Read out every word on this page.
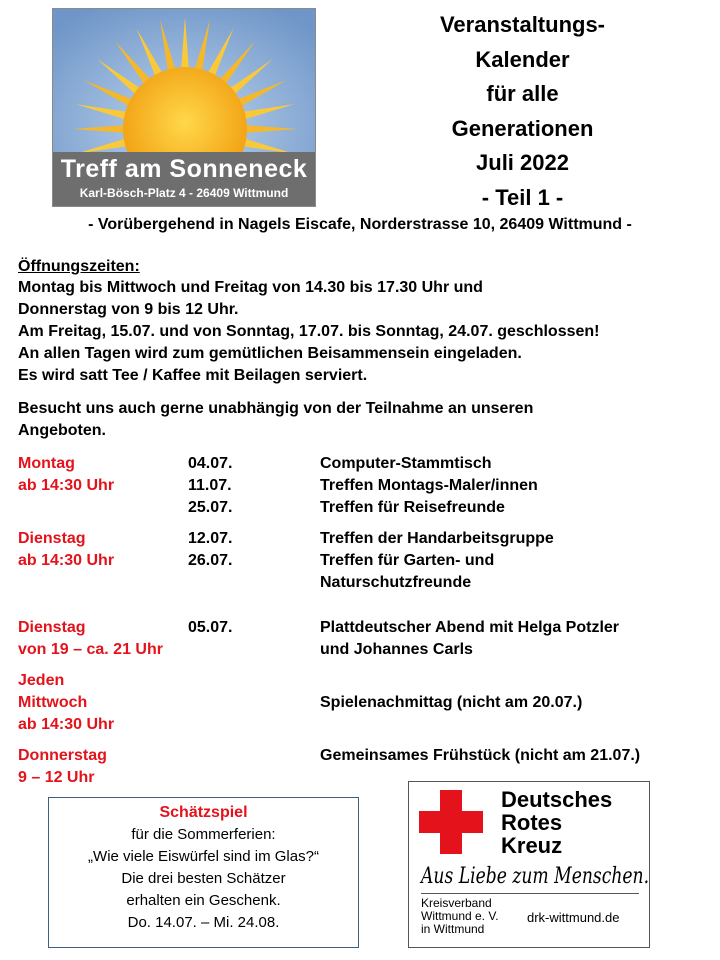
Treff am Sonneneck
Karl-Bösch-Platz 4 - 26409 Wittmund
Veranstaltungs-
Kalender
für alle
Generationen
Juli 2022
- Teil 1 -
- Vorübergehend in Nagels Eiscafe, Norderstrasse 10, 26409 Wittmund -
Öffnungszeiten:
Montag bis Mittwoch und Freitag von 14.30 bis 17.30 Uhr und
Donnerstag von 9 bis 12 Uhr.
Am Freitag, 15.07. und von Sonntag, 17.07. bis Sonntag, 24.07. geschlossen!
An allen Tagen wird zum gemütlichen Beisammensein eingeladen.
Es wird satt Tee / Kaffee mit Beilagen serviert.
Besucht uns auch gerne unabhängig von der Teilnahme an unseren
Angeboten.
Montag
ab 14:30 Uhr
04.07.
11.07.
25.07.
Computer-Stammtisch
Treffen Montags-Maler/innen
Treffen für Reisefreunde
Dienstag
ab 14:30 Uhr
12.07.
26.07.
Treffen der Handarbeitsgruppe
Treffen für Garten- und
Naturschutzfreunde
Dienstag
von 19 – ca. 21 Uhr
05.07.	Plattdeutscher Abend mit Helga Potzler
und Johannes Carls
Jeden
Mittwoch
ab 14:30 Uhr
Spielenachmittag (nicht am 20.07.)
Donnerstag
9 – 12 Uhr
Gemeinsames Frühstück (nicht am 21.07.)
Schätzspiel
für die Sommerferien:
„Wie viele Eiswürfel sind im Glas?“
Die drei besten Schätzer
erhalten ein Geschenk.
Do. 14.07. – Mi. 24.08.
Deutsches
Rotes
Kreuz
Aus Liebe zum Menschen.
Kreisverband
Wittmund e. V.
in Wittmund
drk-wittmund.de
